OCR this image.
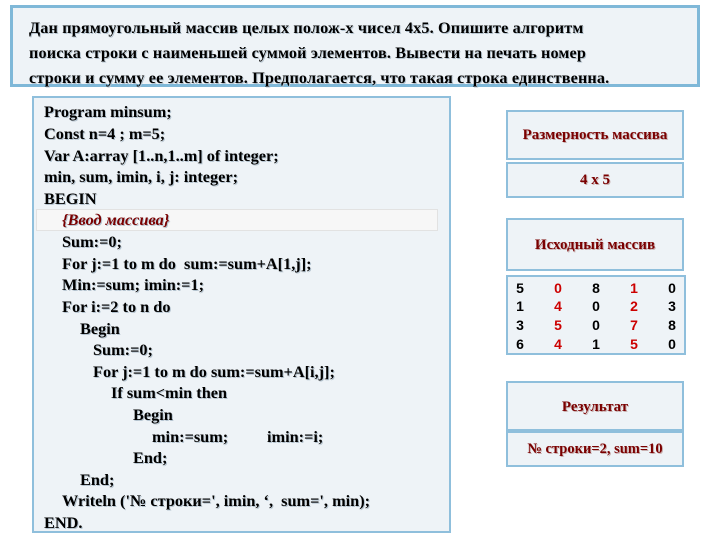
Дан прямоугольный массив целых полож-х чисел 4х5. Опишите алгоритм

поиска строки с наименьшей суммой элементов. Вывести на печать номер

строки и сумму ее элементов. Предполагается, что такая строка единственна.

Program minsum;
Const n=4 ; m=5;
Var A:array [1..n,1..m] of integer;
min, sum, imin, i, j: integer;
BEGIN
{Ввод массива}
Sum:=0;
For j:=1 to m do  sum:=sum+A[1,j];
Min:=sum; imin:=1;
For i:=2 to n do
Begin
Sum:=0;
For j:=1 to m do sum:=sum+A[i,j];
If sum<min then
Begin
min:=sum; imin:=i;
End;
End;
Writeln ('№ строки=', imin, ‘,  sum=', min);
END.
Размерность массива
4 х 5
Исходный массив
5	0	8	1	0
1	4	0	2	3
3	5	0	7	8
6	4	1	5	0
Результат
№ строки=2, sum=10
